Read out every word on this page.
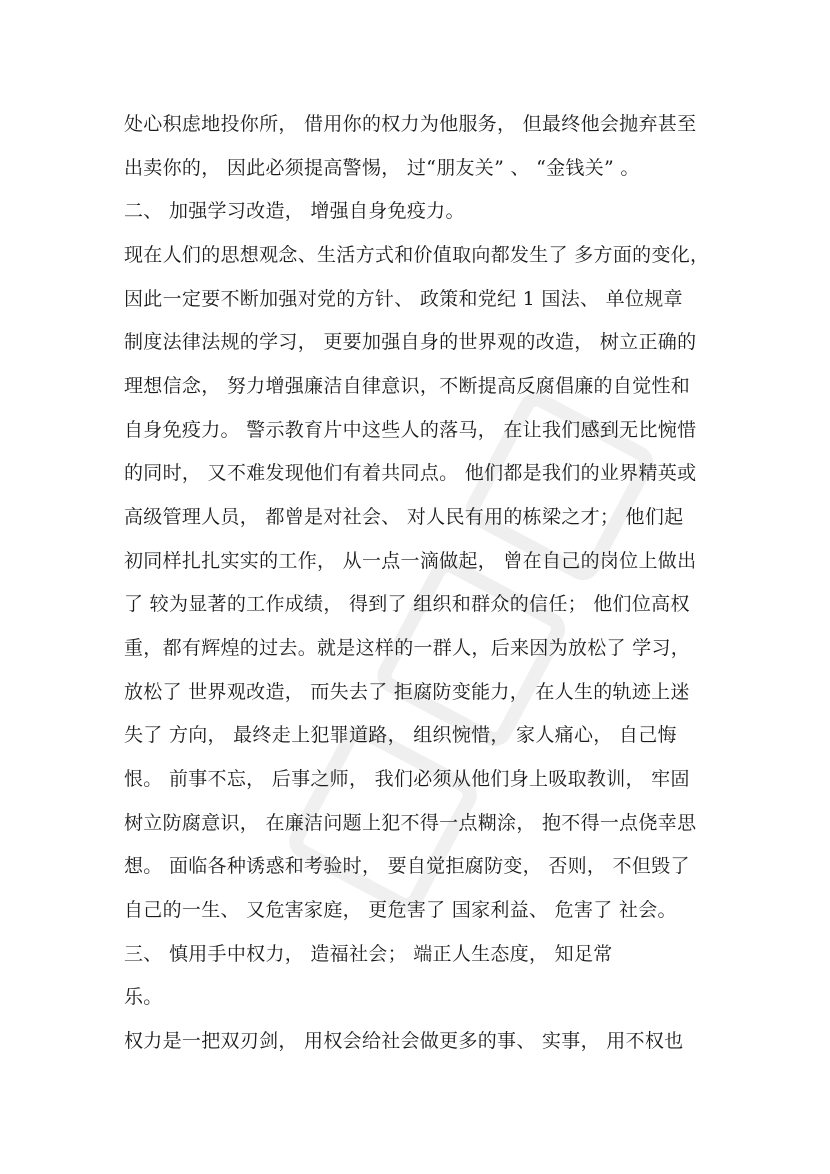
处心积虑地投你所， 借用你的权力为他服务， 但最终他会抛弃甚至
出卖你的， 因此必须提高警惕， 过“朋友关” 、 “金钱关” 。
二、 加强学习改造， 增强自身免疫力。
现在人们的思想观念、生活方式和价值取向都发生了 多方面的变化，
因此一定要不断加强对党的方针、 政策和党纪 1 国法、 单位规章
制度法律法规的学习， 更要加强自身的世界观的改造， 树立正确的
理想信念， 努力增强廉洁自律意识，不断提高反腐倡廉的自觉性和
自身免疫力。 警示教育片中这些人的落马， 在让我们感到无比惋惜
的同时， 又不难发现他们有着共同点。 他们都是我们的业界精英或
高级管理人员， 都曾是对社会、 对人民有用的栋梁之才； 他们起
初同样扎扎实实的工作， 从一点一滴做起， 曾在自己的岗位上做出
了 较为显著的工作成绩， 得到了 组织和群众的信任； 他们位高权
重，都有辉煌的过去。就是这样的一群人，后来因为放松了 学习，
放松了 世界观改造， 而失去了 拒腐防变能力， 在人生的轨迹上迷
失了 方向， 最终走上犯罪道路， 组织惋惜， 家人痛心， 自己悔
恨。 前事不忘， 后事之师， 我们必须从他们身上吸取教训， 牢固
树立防腐意识， 在廉洁问题上犯不得一点糊涂， 抱不得一点侥幸思
想。 面临各种诱惑和考验时， 要自觉拒腐防变， 否则， 不但毁了
自己的一生、 又危害家庭， 更危害了 国家利益、 危害了 社会。
三、 慎用手中权力， 造福社会； 端正人生态度， 知足常
乐。
权力是一把双刃剑， 用权会给社会做更多的事、 实事， 用不权也
